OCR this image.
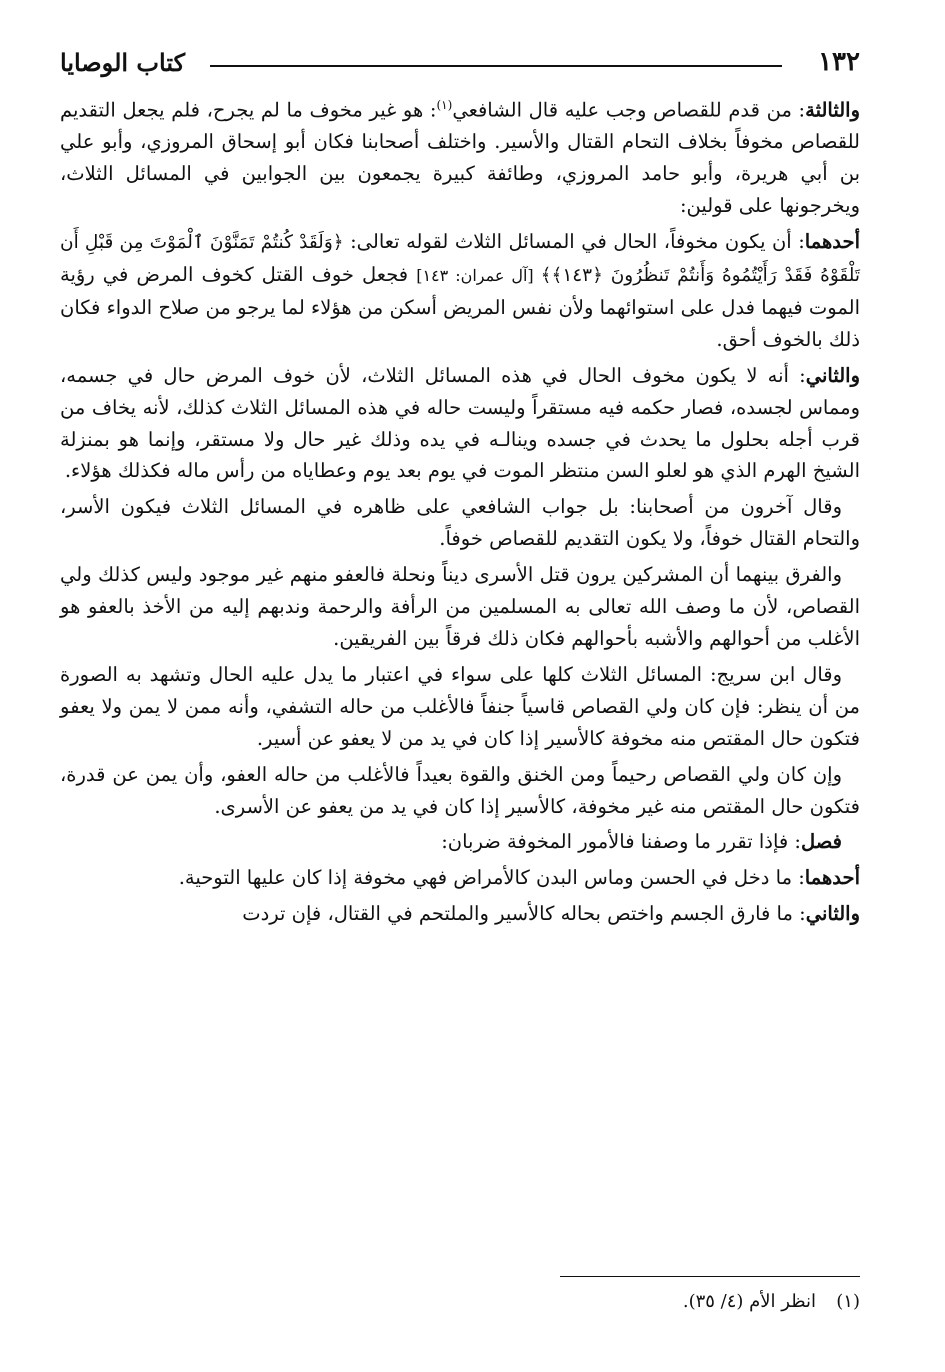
١٣٢
كتاب الوصايا

والثالثة: من قدم للقصاص وجب عليه قال الشافعي$^{(١)}$: هو غير مخوف ما لم يجرح، فلم يجعل التقديم للقصاص مخوفاً بخلاف التحام القتال والأسير. واختلف أصحابنا فكان أبو إسحاق المروزي، وأبو علي بن أبي هريرة، وأبو حامد المروزي، وطائفة كبيرة يجمعون بين الجوابين في المسائل الثلاث، ويخرجونها على قولين:

أحدهما: أن يكون مخوفاً، الحال في المسائل الثلاث لقوله تعالى: ﴿وَلَقَدْ كُنتُمْ تَمَنَّوْنَ ٱلْمَوْتَ مِن قَبْلِ أَن تَلْقَوْهُ فَقَدْ رَأَيْتُمُوهُ وَأَنتُمْ تَنظُرُونَ ﴿١٤٣﴾﴾ [آل عمران: ١٤٣] فجعل خوف القتل كخوف المرض في رؤية الموت فيهما فدل على استوائهما ولأن نفس المريض أسكن من هؤلاء لما يرجو من صلاح الدواء فكان ذلك بالخوف أحق.

والثاني: أنه لا يكون مخوف الحال في هذه المسائل الثلاث، لأن خوف المرض حال في جسمه، ومماس لجسده، فصار حكمه فيه مستقراً وليست حاله في هذه المسائل الثلاث كذلك، لأنه يخاف من قرب أجله بحلول ما يحدث في جسده وينالـه في يده وذلك غير حال ولا مستقر، وإنما هو بمنزلة الشيخ الهرم الذي هو لعلو السن منتظر الموت في يوم بعد يوم وعطاياه من رأس ماله فكذلك هؤلاء.

وقال آخرون من أصحابنا: بل جواب الشافعي على ظاهره في المسائل الثلاث فيكون الأسر، والتحام القتال خوفاً، ولا يكون التقديم للقصاص خوفاً.

والفرق بينهما أن المشركين يرون قتل الأسرى ديناً ونحلة فالعفو منهم غير موجود وليس كذلك ولي القصاص، لأن ما وصف الله تعالى به المسلمين من الرأفة والرحمة وندبهم إليه من الأخذ بالعفو هو الأغلب من أحوالهم والأشبه بأحوالهم فكان ذلك فرقاً بين الفريقين.

وقال ابن سريج: المسائل الثلاث كلها على سواء في اعتبار ما يدل عليه الحال وتشهد به الصورة من أن ينظر: فإن كان ولي القصاص قاسياً جنفاً فالأغلب من حاله التشفي، وأنه ممن لا يمن ولا يعفو فتكون حال المقتص منه مخوفة كالأسير إذا كان في يد من لا يعفو عن أسير.

وإن كان ولي القصاص رحيماً ومن الخنق والقوة بعيداً فالأغلب من حاله العفو، وأن يمن عن قدرة، فتكون حال المقتص منه غير مخوفة، كالأسير إذا كان في يد من يعفو عن الأسرى.

فصل: فإذا تقرر ما وصفنا فالأمور المخوفة ضربان:

أحدهما: ما دخل في الحسن وماس البدن كالأمراض فهي مخوفة إذا كان عليها التوحية.

والثاني: ما فارق الجسم واختص بحاله كالأسير والملتحم في القتال، فإن تردت

(١)انظر الأم (٤/ ٣٥).
